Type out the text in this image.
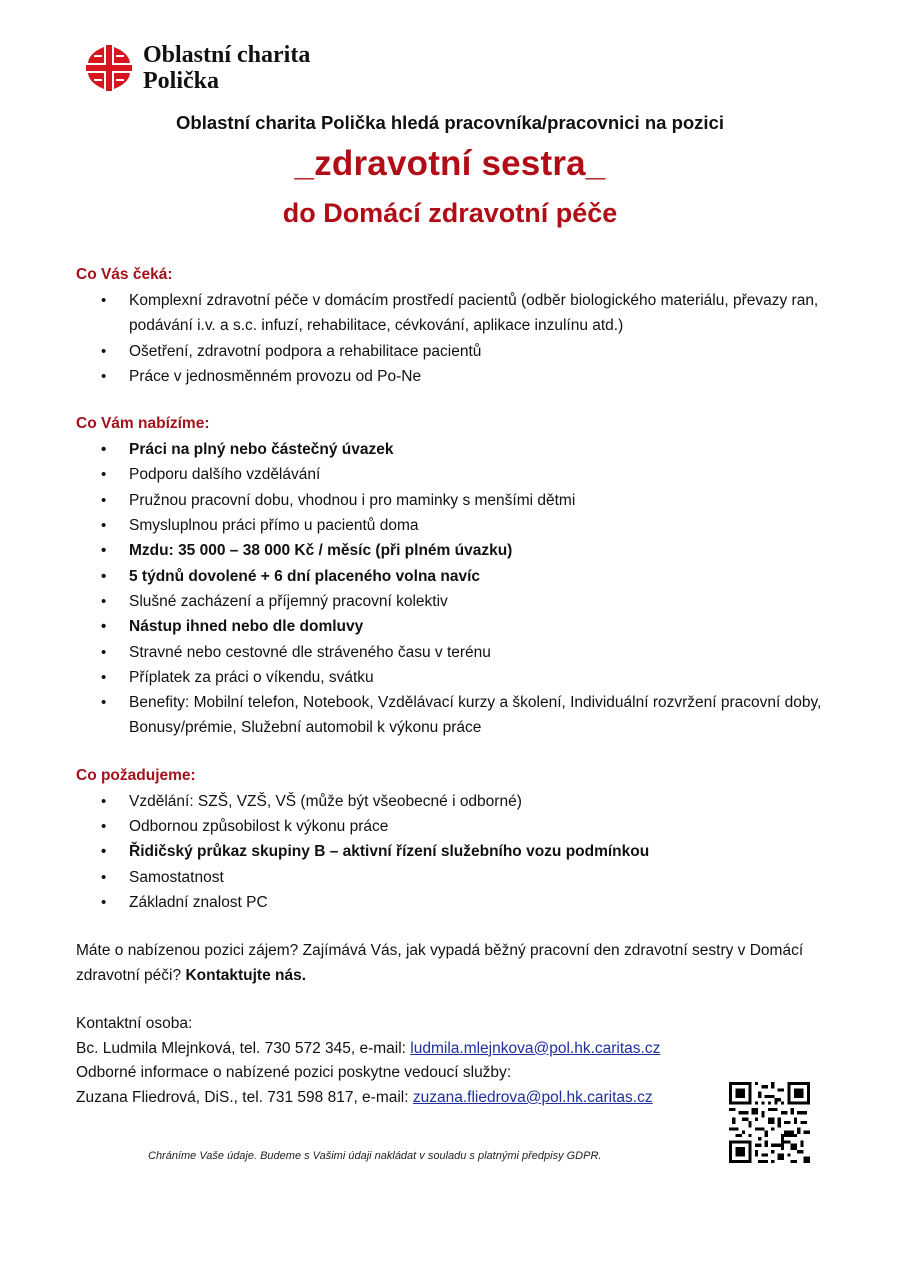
Oblastní charita
Polička
Oblastní charita Polička hledá pracovníka/pracovnici na pozici
_zdravotní sestra_
do Domácí zdravotní péče

Co Vás čeká:

• Komplexní zdravotní péče v domácím prostředí pacientů (odběr biologického materiálu, převazy ran, podávání i.v. a s.c. infuzí, rehabilitace, cévkování, aplikace inzulínu atd.)
• Ošetření, zdravotní podpora a rehabilitace pacientů
• Práce v jednosměnném provozu od Po-Ne

Co Vám nabízíme:

• Práci na plný nebo částečný úvazek
• Podporu dalšího vzdělávání
• Pružnou pracovní dobu, vhodnou i pro maminky s menšími dětmi
• Smysluplnou práci přímo u pacientů doma
• Mzdu: 35 000 – 38 000 Kč / měsíc (při plném úvazku)
• 5 týdnů dovolené + 6 dní placeného volna navíc
• Slušné zacházení a příjemný pracovní kolektiv
• Nástup ihned nebo dle domluvy
• Stravné nebo cestovné dle stráveného času v terénu
• Příplatek za práci o víkendu, svátku
• Benefity: Mobilní telefon, Notebook, Vzdělávací kurzy a školení, Individuální rozvržení pracovní doby, Bonusy/prémie, Služební automobil k výkonu práce

Co požadujeme:

• Vzdělání: SZŠ, VZŠ, VŠ (může být všeobecné i odborné)
• Odbornou způsobilost k výkonu práce
• Řidičský průkaz skupiny B – aktivní řízení služebního vozu podmínkou
• Samostatnost
• Základní znalost PC
Máte o nabízenou pozici zájem? Zajímává Vás, jak vypadá běžný pracovní den zdravotní sestry v Domácí zdravotní péči? Kontaktujte nás.
Kontaktní osoba:
Bc. Ludmila Mlejnková, tel. 730 572 345, e-mail: ludmila.mlejnkova@pol.hk.caritas.cz
Odborné informace o nabízené pozici poskytne vedoucí služby:
Zuzana Fliedrová, DiS., tel. 731 598 817, e-mail: zuzana.fliedrova@pol.hk.caritas.cz
Chráníme Vaše údaje. Budeme s Vašimi údaji nakládat v souladu s platnými předpisy GDPR.
